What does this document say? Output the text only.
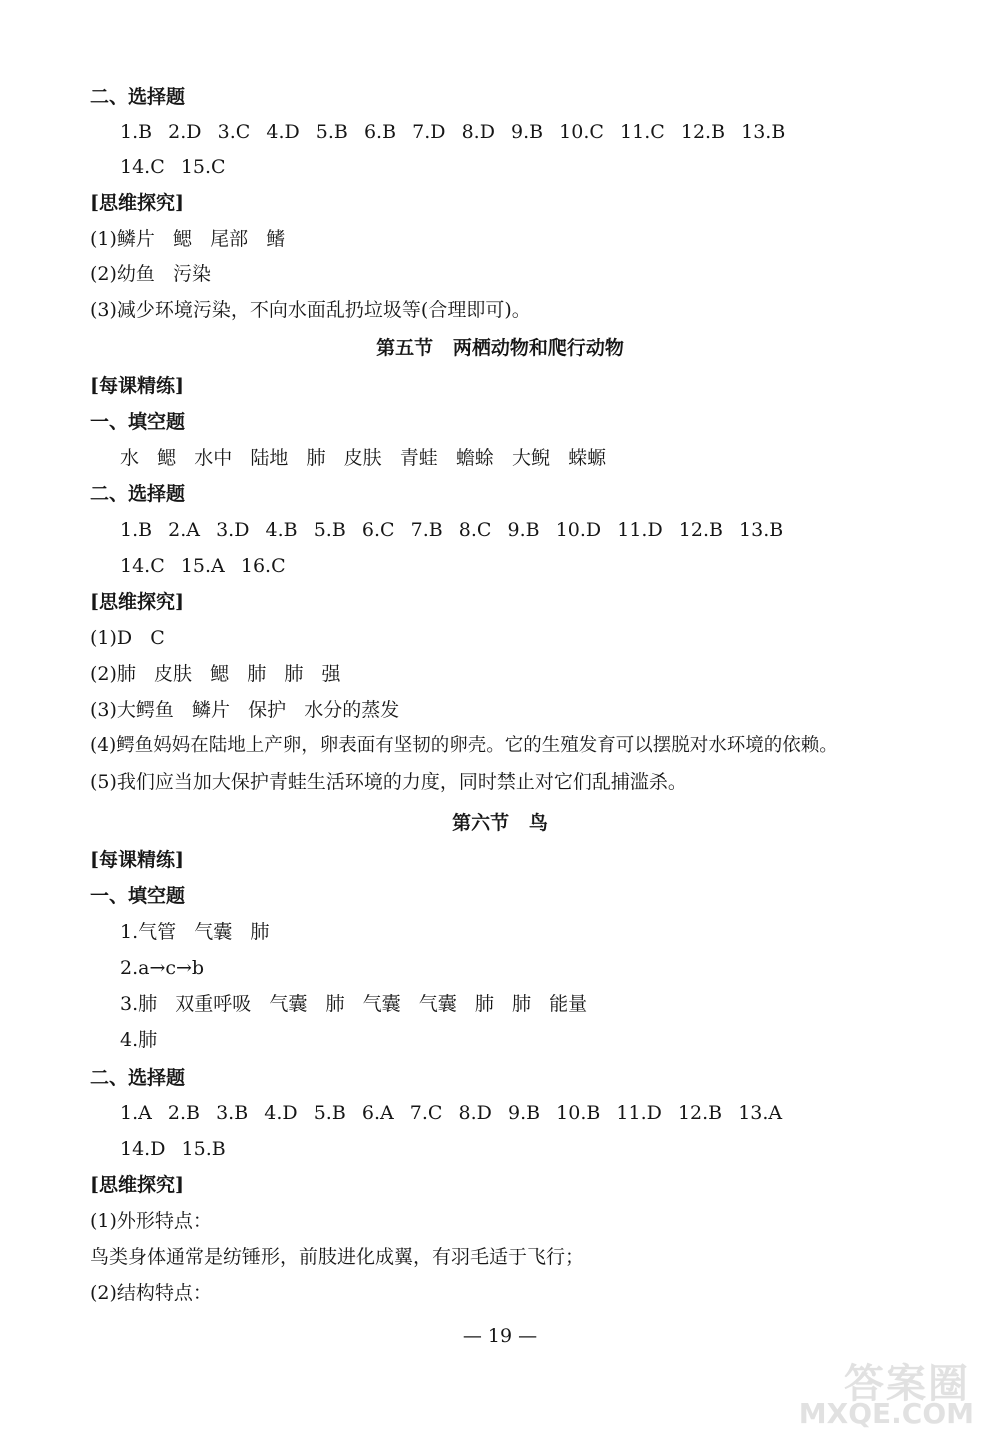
二、选择题
1.B  2.D  3.C  4.D  5.B  6.B  7.D  8.D  9.B  10.C  11.C  12.B  13.B
14.C  15.C
[思维探究]
(1)鳞片   鳃   尾部   鳍
(2)幼鱼   污染
(3)减少环境污染，不向水面乱扔垃圾等(合理即可)。
第五节   两栖动物和爬行动物
[每课精练]
一、填空题
水   鳃   水中   陆地   肺   皮肤   青蛙   蟾蜍   大鲵   蝾螈
二、选择题
1.B  2.A  3.D  4.B  5.B  6.C  7.B  8.C  9.B  10.D  11.D  12.B  13.B
14.C  15.A  16.C
[思维探究]
(1)D   C
(2)肺   皮肤   鳃   肺   肺   强
(3)大鳄鱼   鳞片   保护   水分的蒸发
(4)鳄鱼妈妈在陆地上产卵，卵表面有坚韧的卵壳。它的生殖发育可以摆脱对水环境的依赖。
(5)我们应当加大保护青蛙生活环境的力度，同时禁止对它们乱捕滥杀。
第六节   鸟
[每课精练]
一、填空题
1.气管   气囊   肺
2.a→c→b
3.肺   双重呼吸   气囊   肺   气囊   气囊   肺   肺   能量
4.肺
二、选择题
1.A  2.B  3.B  4.D  5.B  6.A  7.C  8.D  9.B  10.B  11.D  12.B  13.A
14.D  15.B
[思维探究]
(1)外形特点：
鸟类身体通常是纺锤形，前肢进化成翼，有羽毛适于飞行；
(2)结构特点：
— 19 —
答案圈
MXQE.COM
